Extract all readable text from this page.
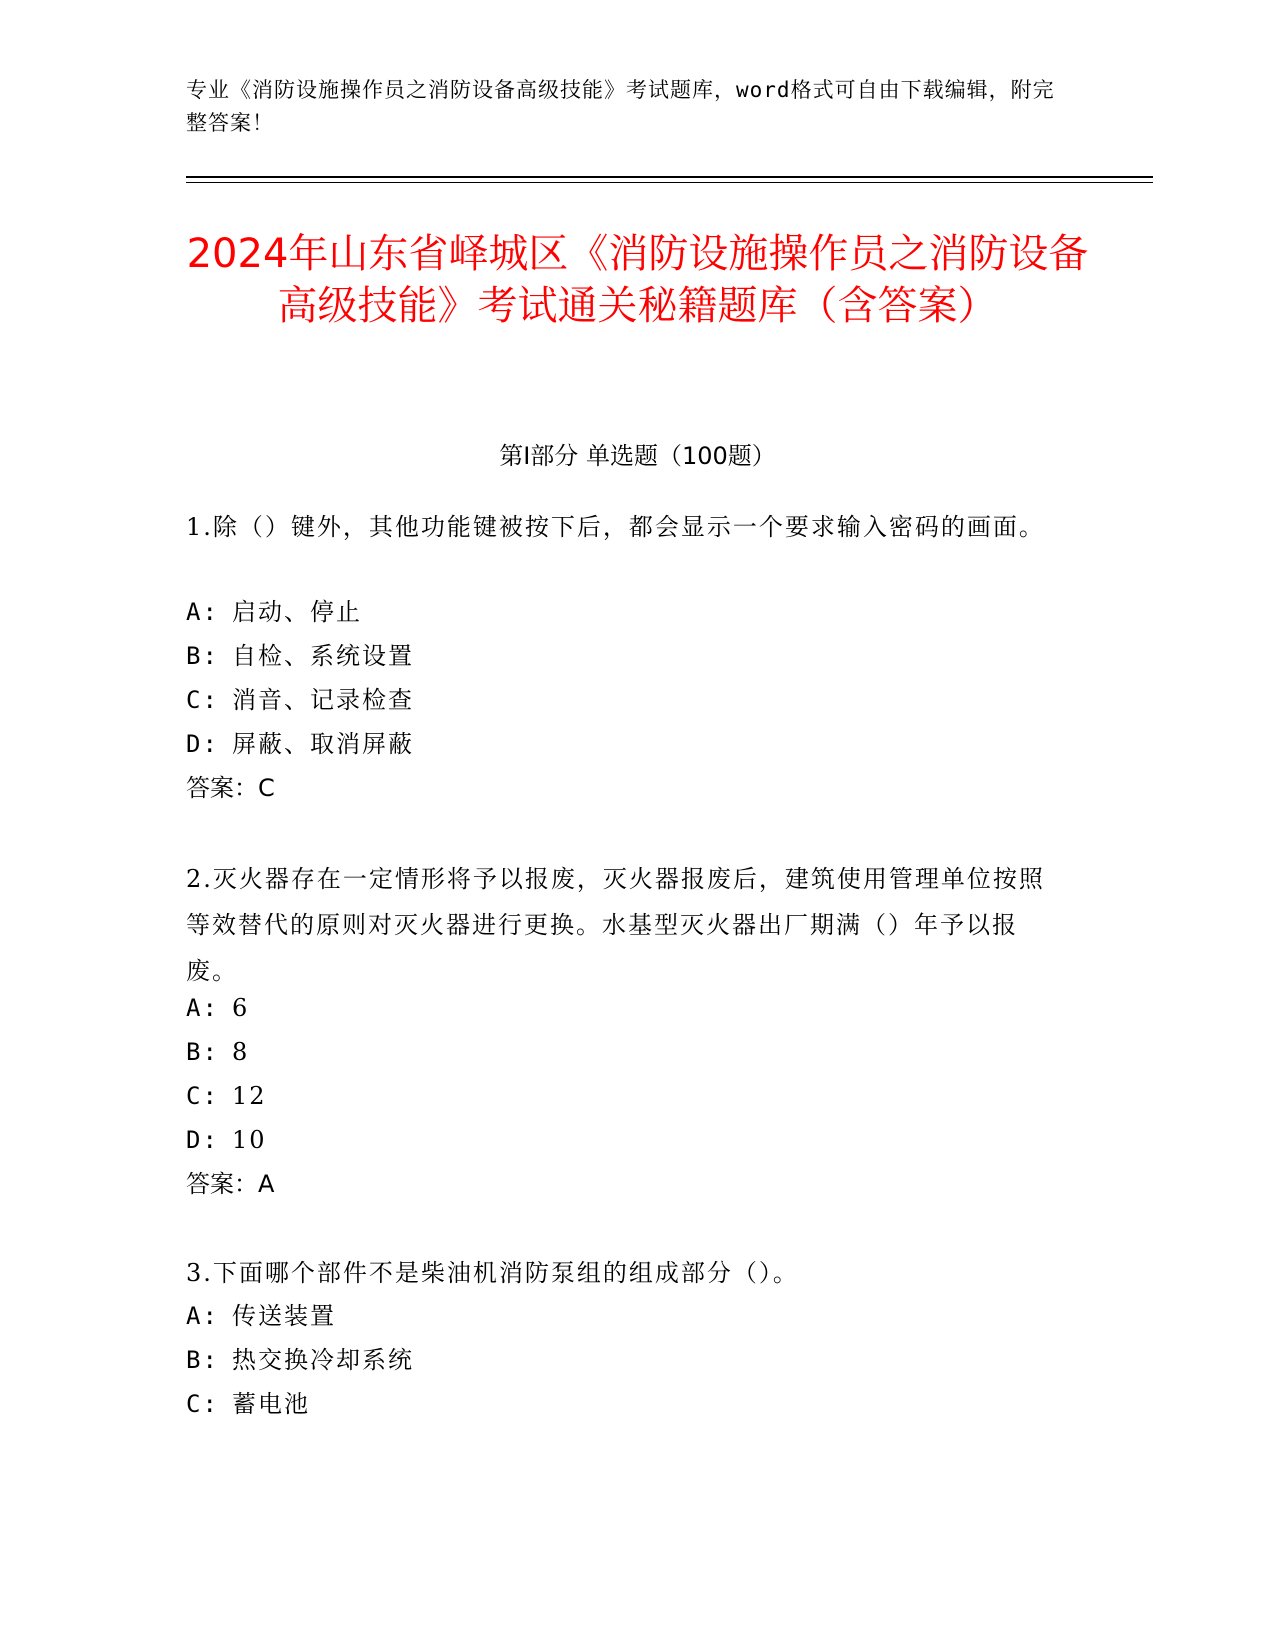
专业《消防设施操作员之消防设备高级技能》考试题库，word格式可自由下载编辑，附完整答案！
2024年山东省峄城区《消防设施操作员之消防设备高级技能》考试通关秘籍题库（含答案）
第I部分 单选题（100题）
1.除（）键外，其他功能键被按下后，都会显示一个要求输入密码的画面。
A: 启动、停止
B: 自检、系统设置
C: 消音、记录检查
D: 屏蔽、取消屏蔽
答案：C
2.灭火器存在一定情形将予以报废，灭火器报废后，建筑使用管理单位按照等效替代的原则对灭火器进行更换。水基型灭火器出厂期满（）年予以报废。
A: 6
B: 8
C: 12
D: 10
答案：A
3.下面哪个部件不是柴油机消防泵组的组成部分（）。
A: 传送装置
B: 热交换冷却系统
C: 蓄电池
